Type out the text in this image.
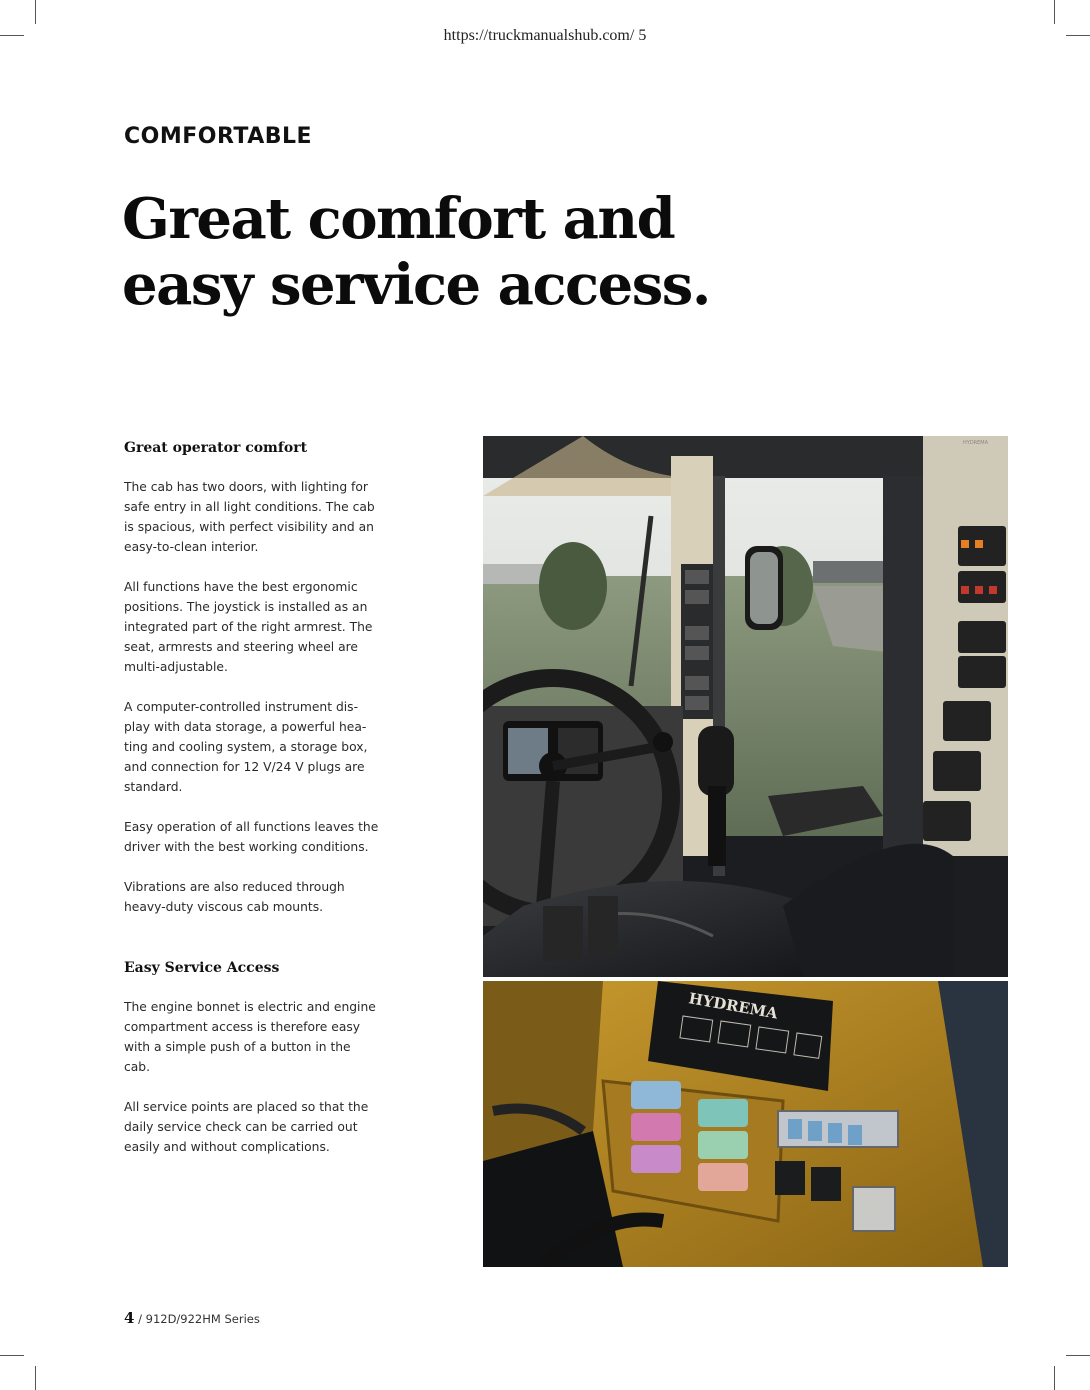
https://truckmanualshub.com/ 5
COMFORTABLE
Great comfort and
easy service access.

Great operator comfort

The cab has two doors, with lighting for
safe entry in all light conditions. The cab
is spacious, with perfect visibility and an
easy-to-clean interior.

All functions have the best ergonomic
positions. The joystick is installed as an
integrated part of the right armrest. The
seat, armrests and steering wheel are
multi-adjustable.

A computer-controlled instrument dis-
play with data storage, a powerful hea-
ting and cooling system, a storage box,
and connection for 12 V/24 V plugs are
standard.

Easy operation of all functions leaves the
driver with the best working conditions.

Vibrations are also reduced through
heavy-duty viscous cab mounts.

Easy Service Access

The engine bonnet is electric and engine
compartment access is therefore easy
with a simple push of a button in the cab.

All service points are placed so that the
daily service check can be carried out
easily and without complications.

HYDREMA
HYDREMA
4 / 912D/922HM Series
